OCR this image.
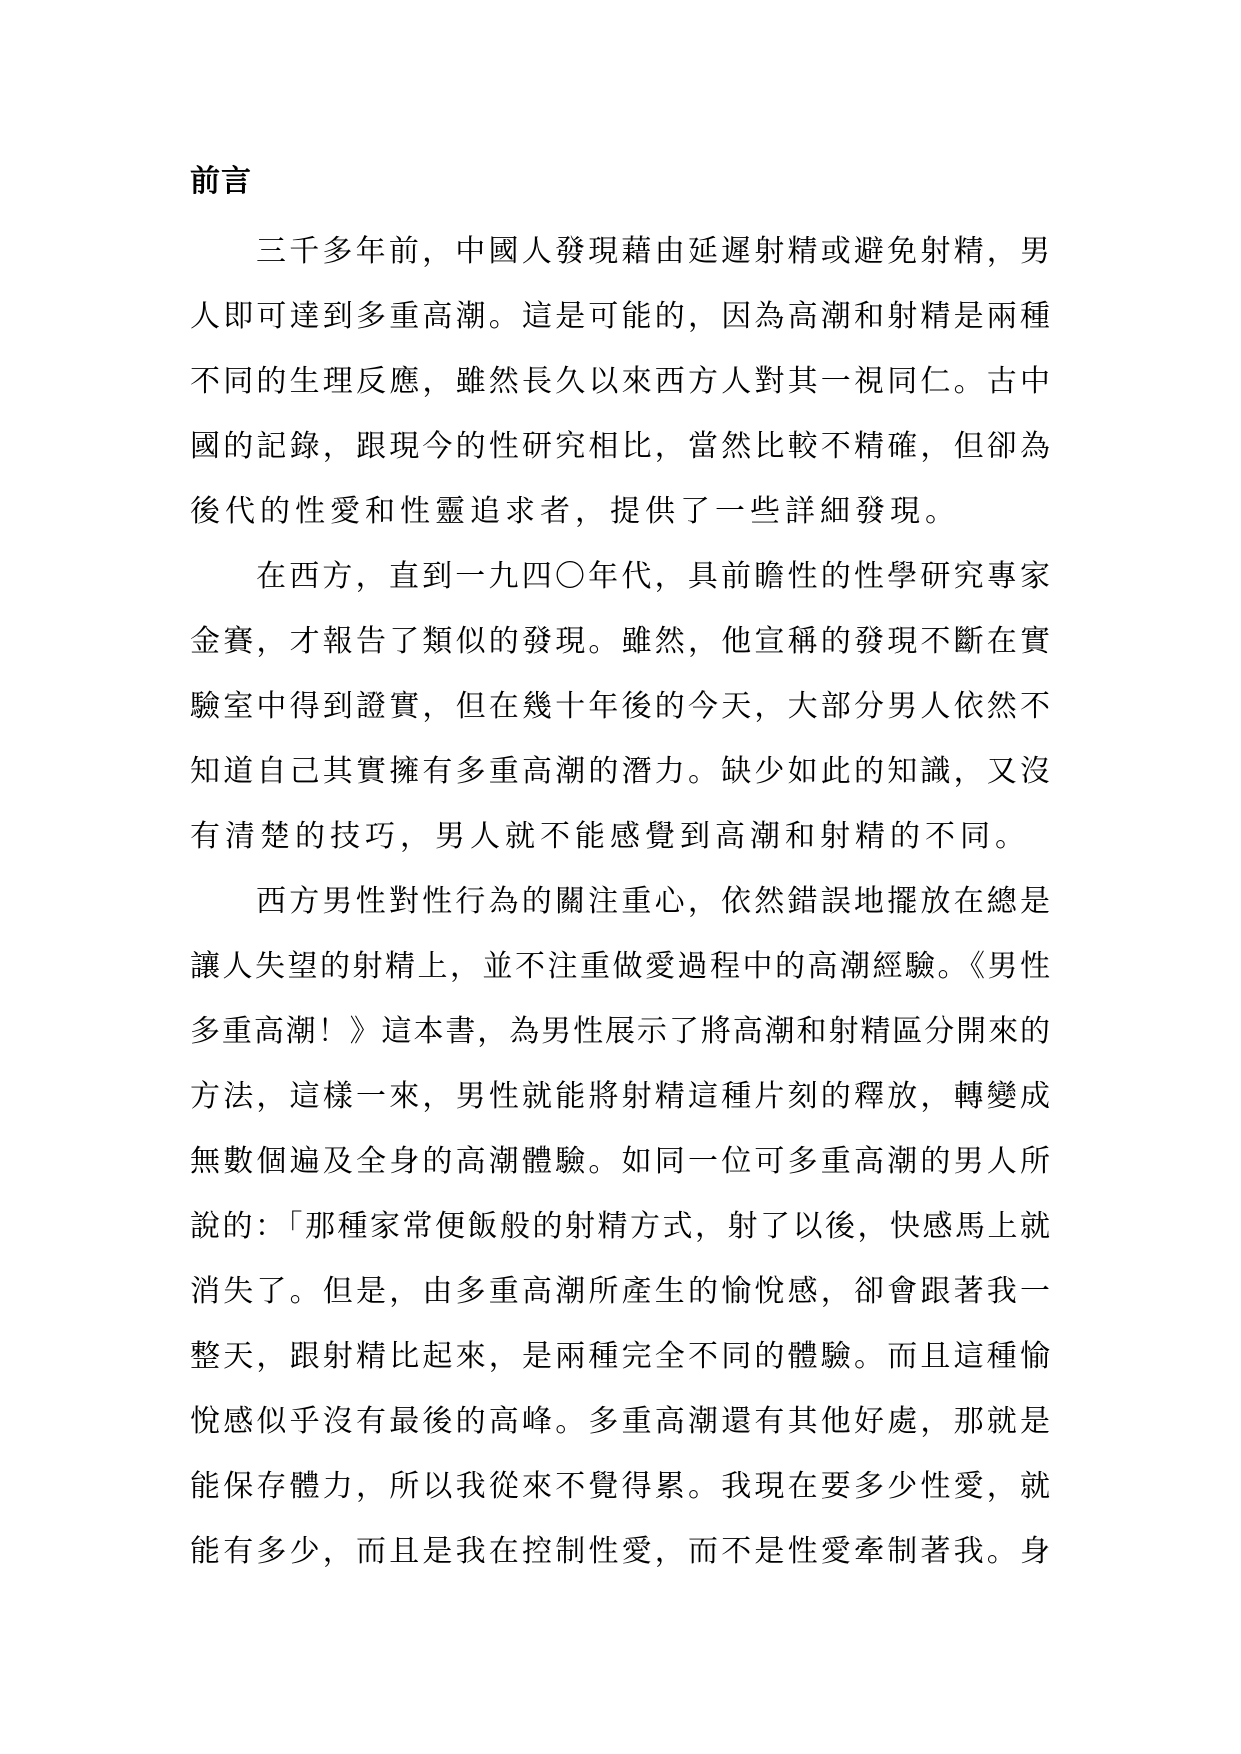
前言

三千多年前，中國人發現藉由延遲射精或避免射精，男

人即可達到多重高潮。這是可能的，因為高潮和射精是兩種

不同的生理反應，雖然長久以來西方人對其一視同仁。古中

國的記錄，跟現今的性研究相比，當然比較不精確，但卻為

後代的性愛和性靈追求者，提供了一些詳細發現。

在西方，直到一九四〇年代，具前瞻性的性學研究專家

金賽，才報告了類似的發現。雖然，他宣稱的發現不斷在實

驗室中得到證實，但在幾十年後的今天，大部分男人依然不

知道自己其實擁有多重高潮的潛力。缺少如此的知識，又沒

有清楚的技巧，男人就不能感覺到高潮和射精的不同。

西方男性對性行為的關注重心，依然錯誤地擺放在總是

讓人失望的射精上，並不注重做愛過程中的高潮經驗。《男性

多重高潮！》這本書，為男性展示了將高潮和射精區分開來的

方法，這樣一來，男性就能將射精這種片刻的釋放，轉變成

無數個遍及全身的高潮體驗。如同一位可多重高潮的男人所

說的：「那種家常便飯般的射精方式，射了以後，快感馬上就

消失了。但是，由多重高潮所產生的愉悅感，卻會跟著我一

整天，跟射精比起來，是兩種完全不同的體驗。而且這種愉

悅感似乎沒有最後的高峰。多重高潮還有其他好處，那就是

能保存體力，所以我從來不覺得累。我現在要多少性愛，就

能有多少，而且是我在控制性愛，而不是性愛牽制著我。身
